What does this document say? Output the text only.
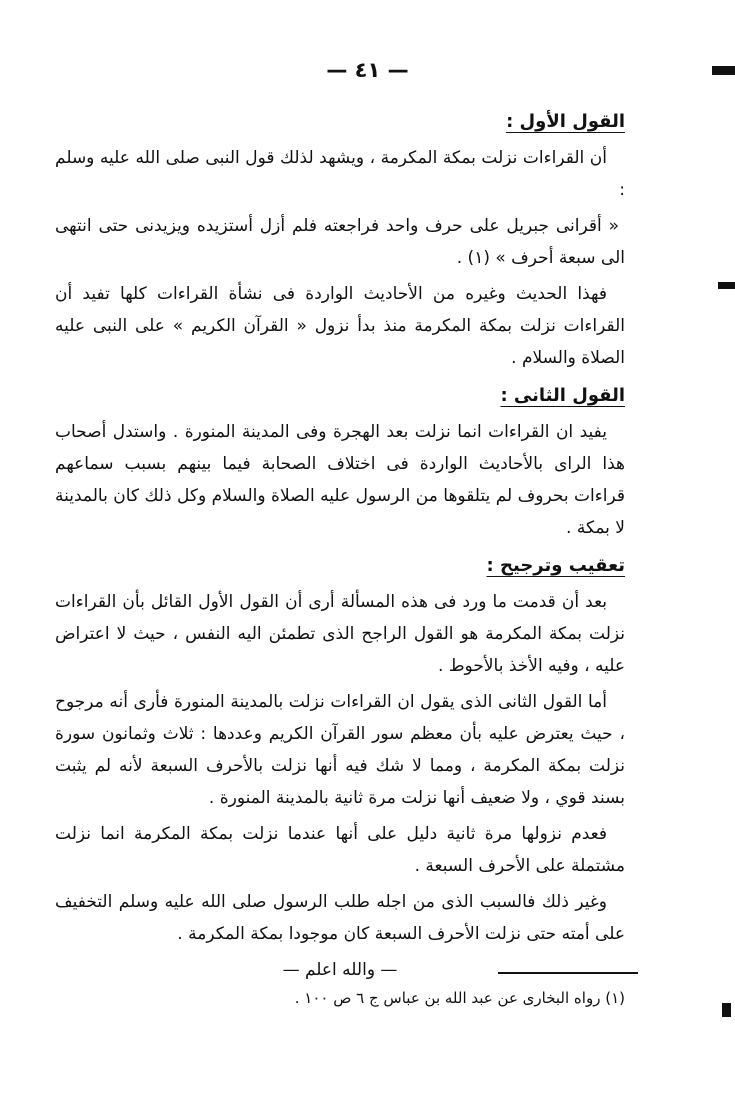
— ٤١ —
القول الأول :

أن القراءات نزلت بمكة المكرمة ، ويشهد لذلك قول النبى صلى الله عليه وسلم :

« أقرانى جبريل على حرف واحد فراجعته فلم أزل أستزيده ويزيدنى حتى انتهى الى سبعة أحرف » (١) .

فهذا الحديث وغيره من الأحاديث الواردة فى نشأة القراءات كلها تفيد أن القراءات نزلت بمكة المكرمة منذ بدأ نزول « القرآن الكريم » على النبى عليه الصلاة والسلام .

القول الثانى :

يفيد ان القراءات انما نزلت بعد الهجرة وفى المدينة المنورة . واستدل أصحاب هذا الراى بالأحاديث الواردة فى اختلاف الصحابة فيما بينهم بسبب سماعهم قراءات بحروف لم يتلقوها من الرسول عليه الصلاة والسلام وكل ذلك كان بالمدينة لا بمكة .

تعقيب وترجيح :

بعد أن قدمت ما ورد فى هذه المسألة أرى أن القول الأول القائل بأن القراءات نزلت بمكة المكرمة هو القول الراجح الذى تطمئن اليه النفس ، حيث لا اعتراض عليه ، وفيه الأخذ بالأحوط .

أما القول الثانى الذى يقول ان القراءات نزلت بالمدينة المنورة فأرى أنه مرجوح ، حيث يعترض عليه بأن معظم سور القرآن الكريم وعددها : ثلاث وثمانون سورة نزلت بمكة المكرمة ، ومما لا شك فيه أنها نزلت بالأحرف السبعة لأنه لم يثبت بسند قوي ، ولا ضعيف أنها نزلت مرة ثانية بالمدينة المنورة .

فعدم نزولها مرة ثانية دليل على أنها عندما نزلت بمكة المكرمة انما نزلت مشتملة على الأحرف السبعة .

وغير ذلك فالسبب الذى من اجله طلب الرسول صلى الله عليه وسلم التخفيف على أمته حتى نزلت الأحرف السبعة كان موجودا بمكة المكرمة .

— والله اعلم —
(١) رواه البخارى عن عبد الله بن عباس ج ٦ ص ١٠٠ .
